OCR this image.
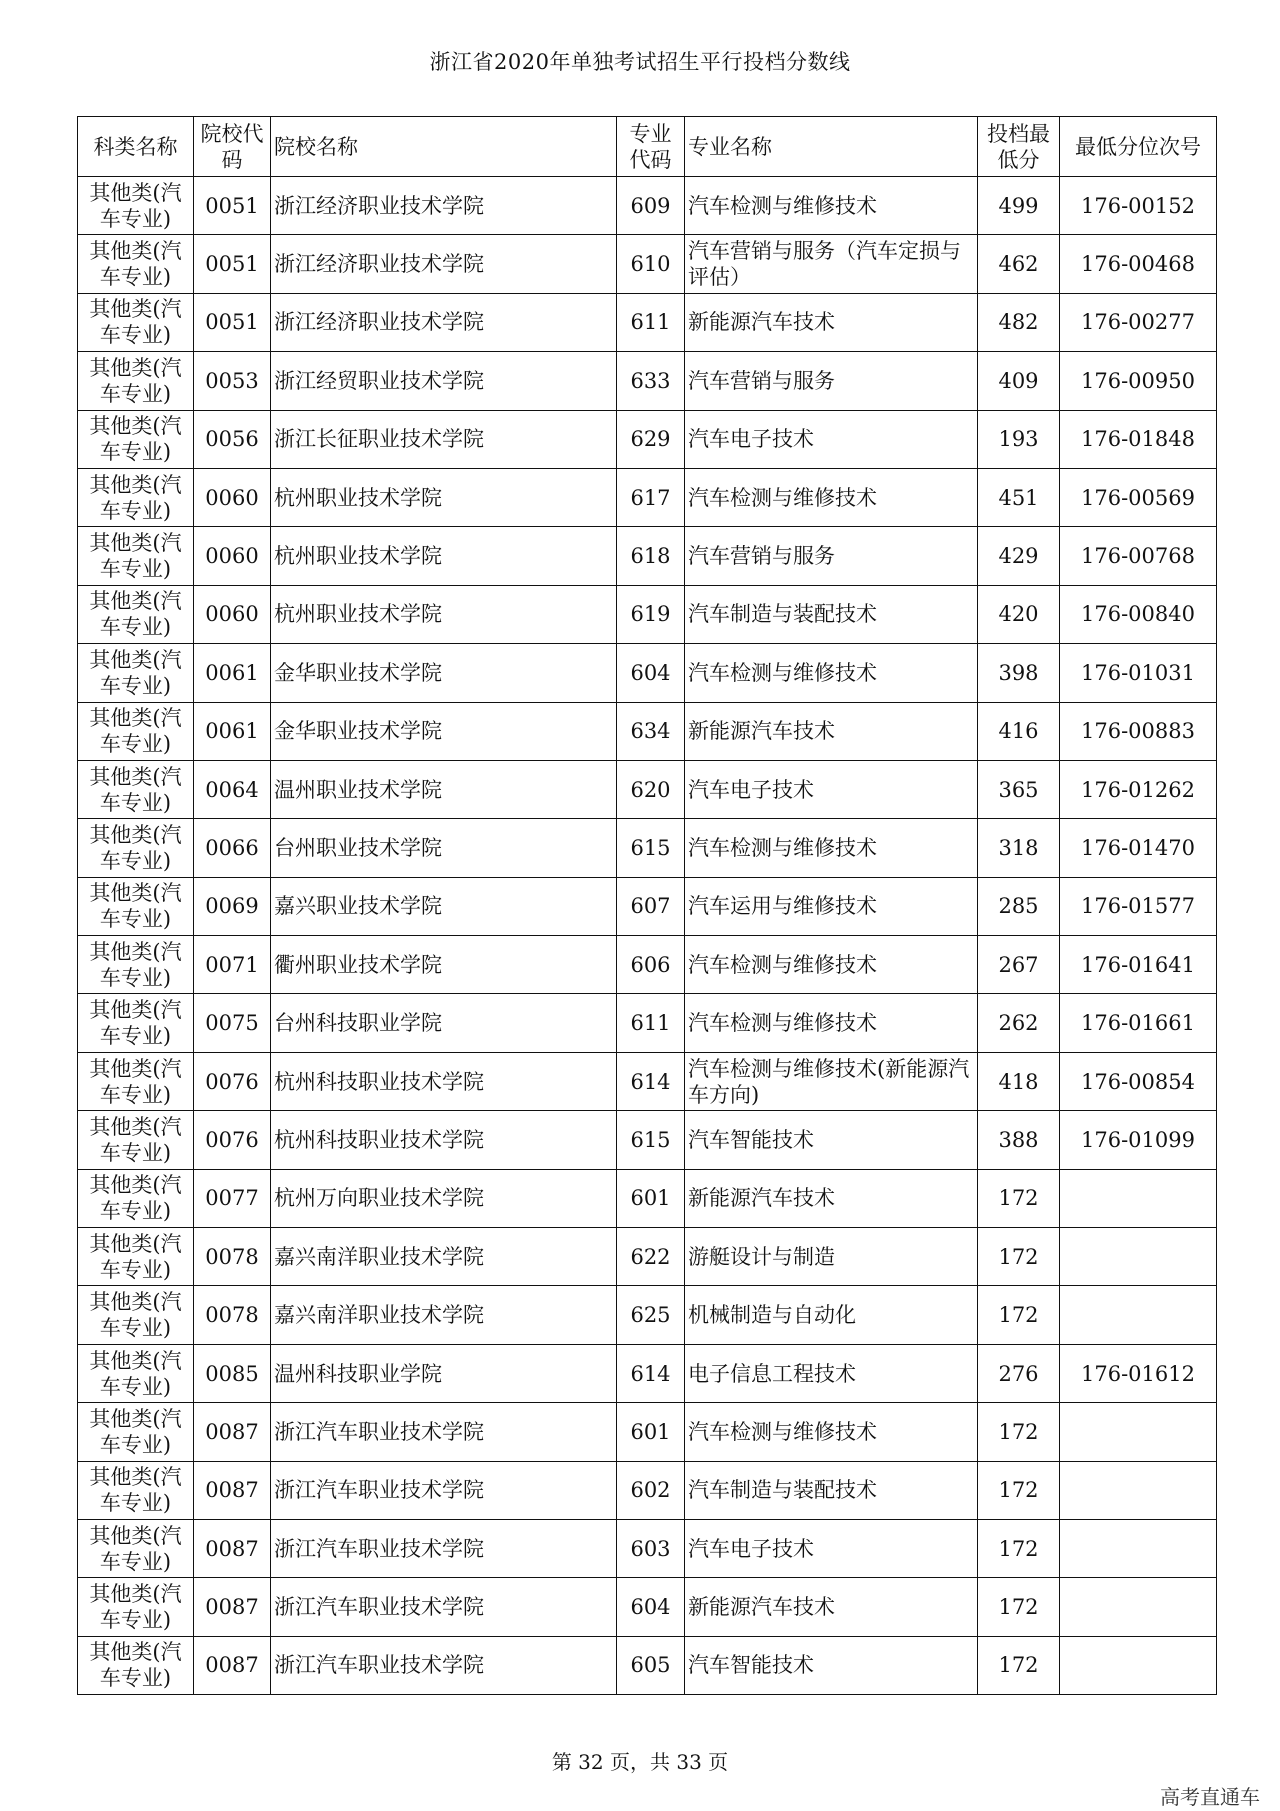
浙江省2020年单独考试招生平行投档分数线
科类名称	院校代码	院校名称	专业代码	专业名称	投档最低分	最低分位次号
其他类(汽车专业)	0051	浙江经济职业技术学院	609	汽车检测与维修技术	499	176-00152
其他类(汽车专业)	0051	浙江经济职业技术学院	610	汽车营销与服务（汽车定损与评估）	462	176-00468
其他类(汽车专业)	0051	浙江经济职业技术学院	611	新能源汽车技术	482	176-00277
其他类(汽车专业)	0053	浙江经贸职业技术学院	633	汽车营销与服务	409	176-00950
其他类(汽车专业)	0056	浙江长征职业技术学院	629	汽车电子技术	193	176-01848
其他类(汽车专业)	0060	杭州职业技术学院	617	汽车检测与维修技术	451	176-00569
其他类(汽车专业)	0060	杭州职业技术学院	618	汽车营销与服务	429	176-00768
其他类(汽车专业)	0060	杭州职业技术学院	619	汽车制造与装配技术	420	176-00840
其他类(汽车专业)	0061	金华职业技术学院	604	汽车检测与维修技术	398	176-01031
其他类(汽车专业)	0061	金华职业技术学院	634	新能源汽车技术	416	176-00883
其他类(汽车专业)	0064	温州职业技术学院	620	汽车电子技术	365	176-01262
其他类(汽车专业)	0066	台州职业技术学院	615	汽车检测与维修技术	318	176-01470
其他类(汽车专业)	0069	嘉兴职业技术学院	607	汽车运用与维修技术	285	176-01577
其他类(汽车专业)	0071	衢州职业技术学院	606	汽车检测与维修技术	267	176-01641
其他类(汽车专业)	0075	台州科技职业学院	611	汽车检测与维修技术	262	176-01661
其他类(汽车专业)	0076	杭州科技职业技术学院	614	汽车检测与维修技术(新能源汽车方向)	418	176-00854
其他类(汽车专业)	0076	杭州科技职业技术学院	615	汽车智能技术	388	176-01099
其他类(汽车专业)	0077	杭州万向职业技术学院	601	新能源汽车技术	172	
其他类(汽车专业)	0078	嘉兴南洋职业技术学院	622	游艇设计与制造	172	
其他类(汽车专业)	0078	嘉兴南洋职业技术学院	625	机械制造与自动化	172	
其他类(汽车专业)	0085	温州科技职业学院	614	电子信息工程技术	276	176-01612
其他类(汽车专业)	0087	浙江汽车职业技术学院	601	汽车检测与维修技术	172	
其他类(汽车专业)	0087	浙江汽车职业技术学院	602	汽车制造与装配技术	172	
其他类(汽车专业)	0087	浙江汽车职业技术学院	603	汽车电子技术	172	
其他类(汽车专业)	0087	浙江汽车职业技术学院	604	新能源汽车技术	172	
其他类(汽车专业)	0087	浙江汽车职业技术学院	605	汽车智能技术	172	
第 32 页，共 33 页
高考直通车
